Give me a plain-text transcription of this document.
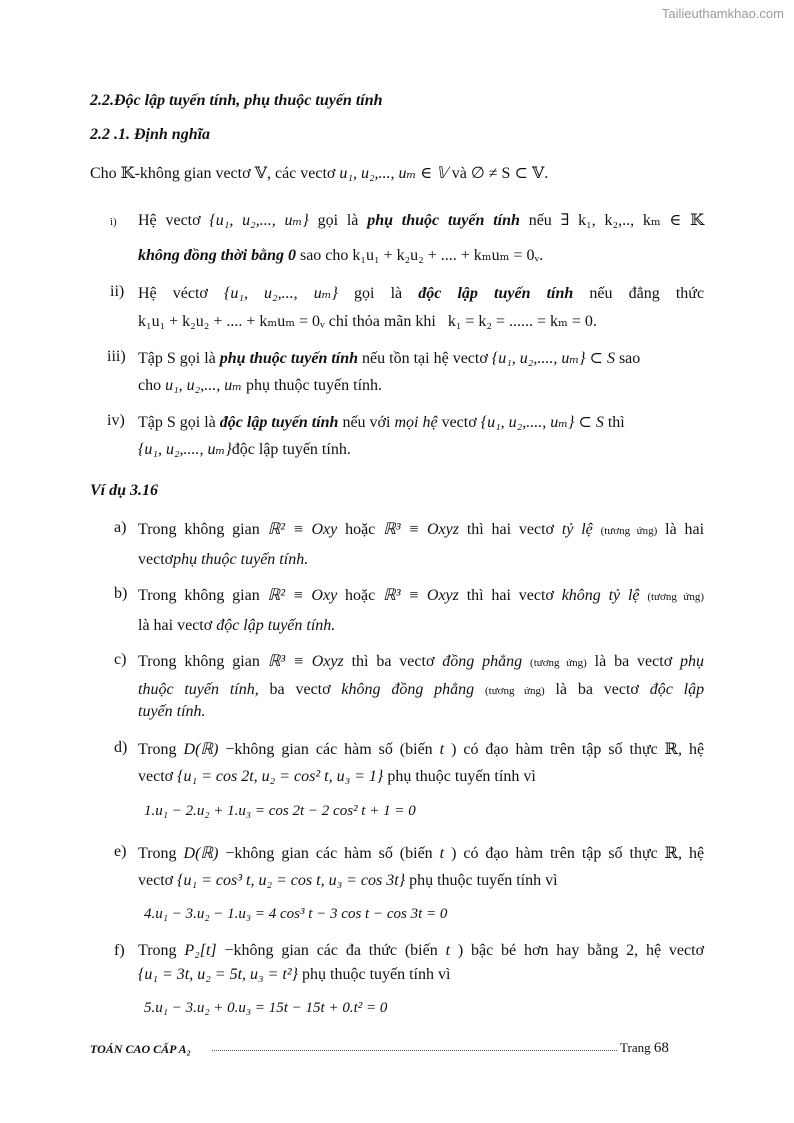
Tailieuthamkhao.com
2.2.Độc lập tuyến tính, phụ thuộc tuyến tính
2.2 .1. Định nghĩa
Cho 𝕂-không gian vectơ 𝕍, các vectơ u₁, u₂,..., uₘ ∈ 𝕍 và ∅ ≠ S ⊂ 𝕍.
i) Hệ vectơ {u₁, u₂,..., uₘ} gọi là phụ thuộc tuyến tính nếu ∃ k₁, k₂,.., kₘ ∈ 𝕂
không đồng thời bằng 0 sao cho k₁u₁ + k₂u₂ + .... + kₘuₘ = 0ᵥ.
ii) Hệ véctơ {u₁, u₂,..., uₘ} gọi là độc lập tuyến tính nếu đẳng thức
k₁u₁ + k₂u₂ + .... + kₘuₘ = 0ᵥ chỉ thỏa mãn khi k₁ = k₂ = ...... = kₘ = 0.
iii) Tập S gọi là phụ thuộc tuyến tính nếu tồn tại hệ vectơ {u₁, u₂,...., uₘ} ⊂ S sao
cho u₁, u₂,..., uₘ phụ thuộc tuyến tính.
iv) Tập S gọi là độc lập tuyến tính nếu với mọi hệ vectơ {u₁, u₂,...., uₘ} ⊂ S thì
{u₁, u₂,...., uₘ}độc lập tuyến tính.
Ví dụ 3.16
a) Trong không gian ℝ² ≡ Oxy hoặc ℝ³ ≡ Oxyz thì hai vectơ tỷ lệ (tương ứng) là hai
vectơphụ thuộc tuyến tính.
b) Trong không gian ℝ² ≡ Oxy hoặc ℝ³ ≡ Oxyz thì hai vectơ không tỷ lệ (tương ứng)
là hai vectơ độc lập tuyến tính.
c) Trong không gian ℝ³ ≡ Oxyz thì ba vectơ đồng phẳng (tương ứng) là ba vectơ phụ
thuộc tuyến tính, ba vectơ không đồng phẳng (tương ứng) là ba vectơ độc lập
tuyến tính.
d) Trong D(ℝ) −không gian các hàm số (biến t ) có đạo hàm trên tập số thực ℝ, hệ
vectơ {u₁ = cos 2t, u₂ = cos² t, u₃ = 1} phụ thuộc tuyến tính vì
1.u₁ − 2.u₂ + 1.u₃ = cos 2t − 2 cos² t + 1 = 0
e) Trong D(ℝ) −không gian các hàm số (biến t ) có đạo hàm trên tập số thực ℝ, hệ
vectơ {u₁ = cos³ t, u₂ = cos t, u₃ = cos 3t} phụ thuộc tuyến tính vì
4.u₁ − 3.u₂ − 1.u₃ = 4 cos³ t − 3 cos t − cos 3t = 0
f) Trong P₂[t] −không gian các đa thức (biến t ) bậc bé hơn hay bằng 2, hệ vectơ
{u₁ = 3t, u₂ = 5t, u₃ = t²} phụ thuộc tuyến tính vì
5.u₁ − 3.u₂ + 0.u₃ = 15t − 15t + 0.t² = 0
TOÁN CAO CẤP A₂	Trang 68
